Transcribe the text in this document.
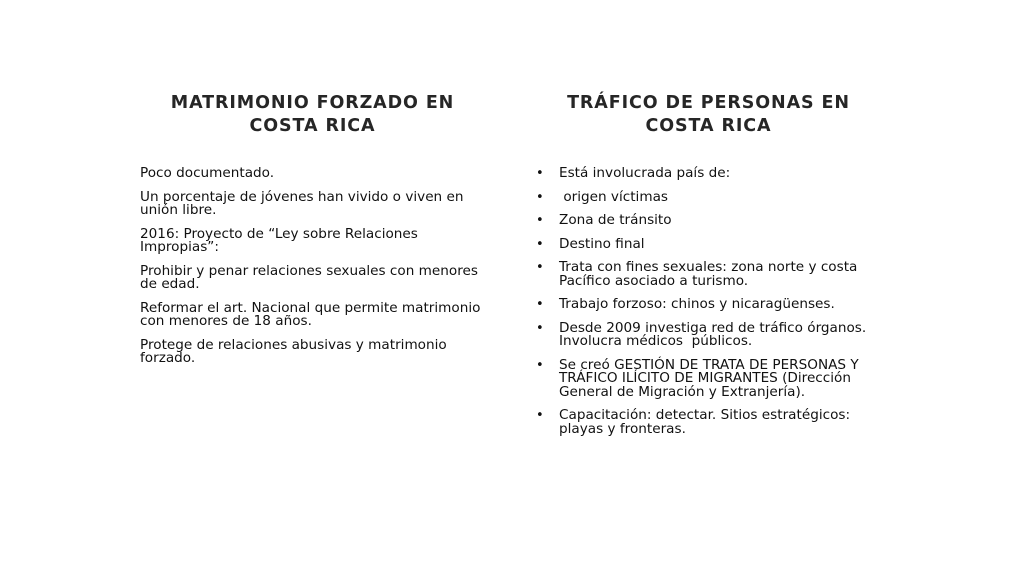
MATRIMONIO FORZADO EN COSTA RICA
Poco documentado.
Un porcentaje de jóvenes han vivido o viven en unión libre.
2016: Proyecto de “Ley sobre Relaciones Impropias”:
Prohibir y penar relaciones sexuales con menores de edad.
Reformar el art. Nacional que permite matrimonio con menores de 18 años.
Protege de relaciones abusivas y matrimonio forzado.
TRÁFICO DE PERSONAS EN COSTA RICA
• Está involucrada país de:
• origen víctimas
• Zona de tránsito
• Destino final
• Trata con fines sexuales: zona norte y costa Pacífico asociado a turismo.
• Trabajo forzoso: chinos y nicaragüenses.
• Desde 2009 investiga red de tráfico órganos. Involucra médicos  públicos.
• Se creó GESTIÓN DE TRATA DE PERSONAS Y TRÁFICO ILÍCITO DE MIGRANTES (Dirección General de Migración y Extranjería).
• Capacitación: detectar. Sitios estratégicos: playas y fronteras.
